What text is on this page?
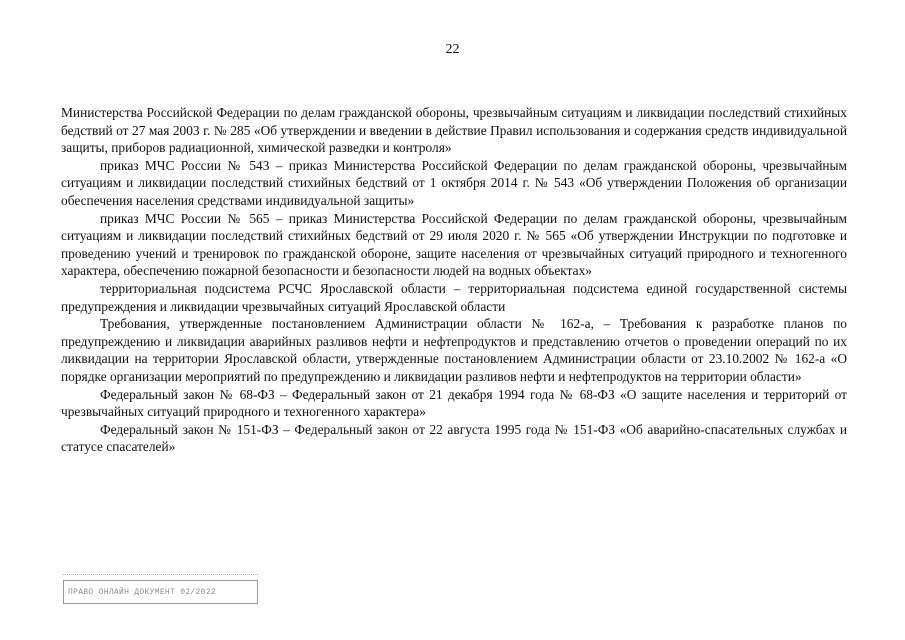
22

Министерства Российской Федерации по делам гражданской обороны, чрезвычайным ситуациям и ликвидации последствий стихийных бедствий от 27 мая 2003 г. № 285 «Об утверждении и введении в действие Правил использования и содержания средств индивидуальной защиты, приборов радиационной, химической разведки и контроля»

приказ МЧС России № 543 – приказ Министерства Российской Федерации по делам гражданской обороны, чрезвычайным ситуациям и ликвидации последствий стихийных бедствий от 1 октября 2014 г. № 543 «Об утверждении Положения об организации обеспечения населения средствами индивидуальной защиты»

приказ МЧС России № 565 – приказ Министерства Российской Федерации по делам гражданской обороны, чрезвычайным ситуациям и ликвидации последствий стихийных бедствий от 29 июля 2020 г. № 565 «Об утверждении Инструкции по подготовке и проведению учений и тренировок по гражданской обороне, защите населения от чрезвычайных ситуаций природного и техногенного характера, обеспечению пожарной безопасности и безопасности людей на водных объектах»

территориальная подсистема РСЧС Ярославской области – территориальная подсистема единой государственной системы предупреждения и ликвидации чрезвычайных ситуаций Ярославской области

Требования, утвержденные постановлением Администрации области № 162-а, – Требования к разработке планов по предупреждению и ликвидации аварийных разливов нефти и нефтепродуктов и представлению отчетов о проведении операций по их ликвидации на территории Ярославской области, утвержденные постановлением Администрации области от 23.10.2002 № 162-а «О порядке организации мероприятий по предупреждению и ликвидации разливов нефти и нефтепродуктов на территории области»

Федеральный закон № 68-ФЗ – Федеральный закон от 21 декабря 1994 года № 68-ФЗ «О защите населения и территорий от чрезвычайных ситуаций природного и техногенного характера»

Федеральный закон № 151-ФЗ – Федеральный закон от 22 августа 1995 года № 151-ФЗ «Об аварийно-спасательных службах и статусе спасателей»

ПРАВО ОНЛАЙН ДОКУМЕНТ 02/2022
